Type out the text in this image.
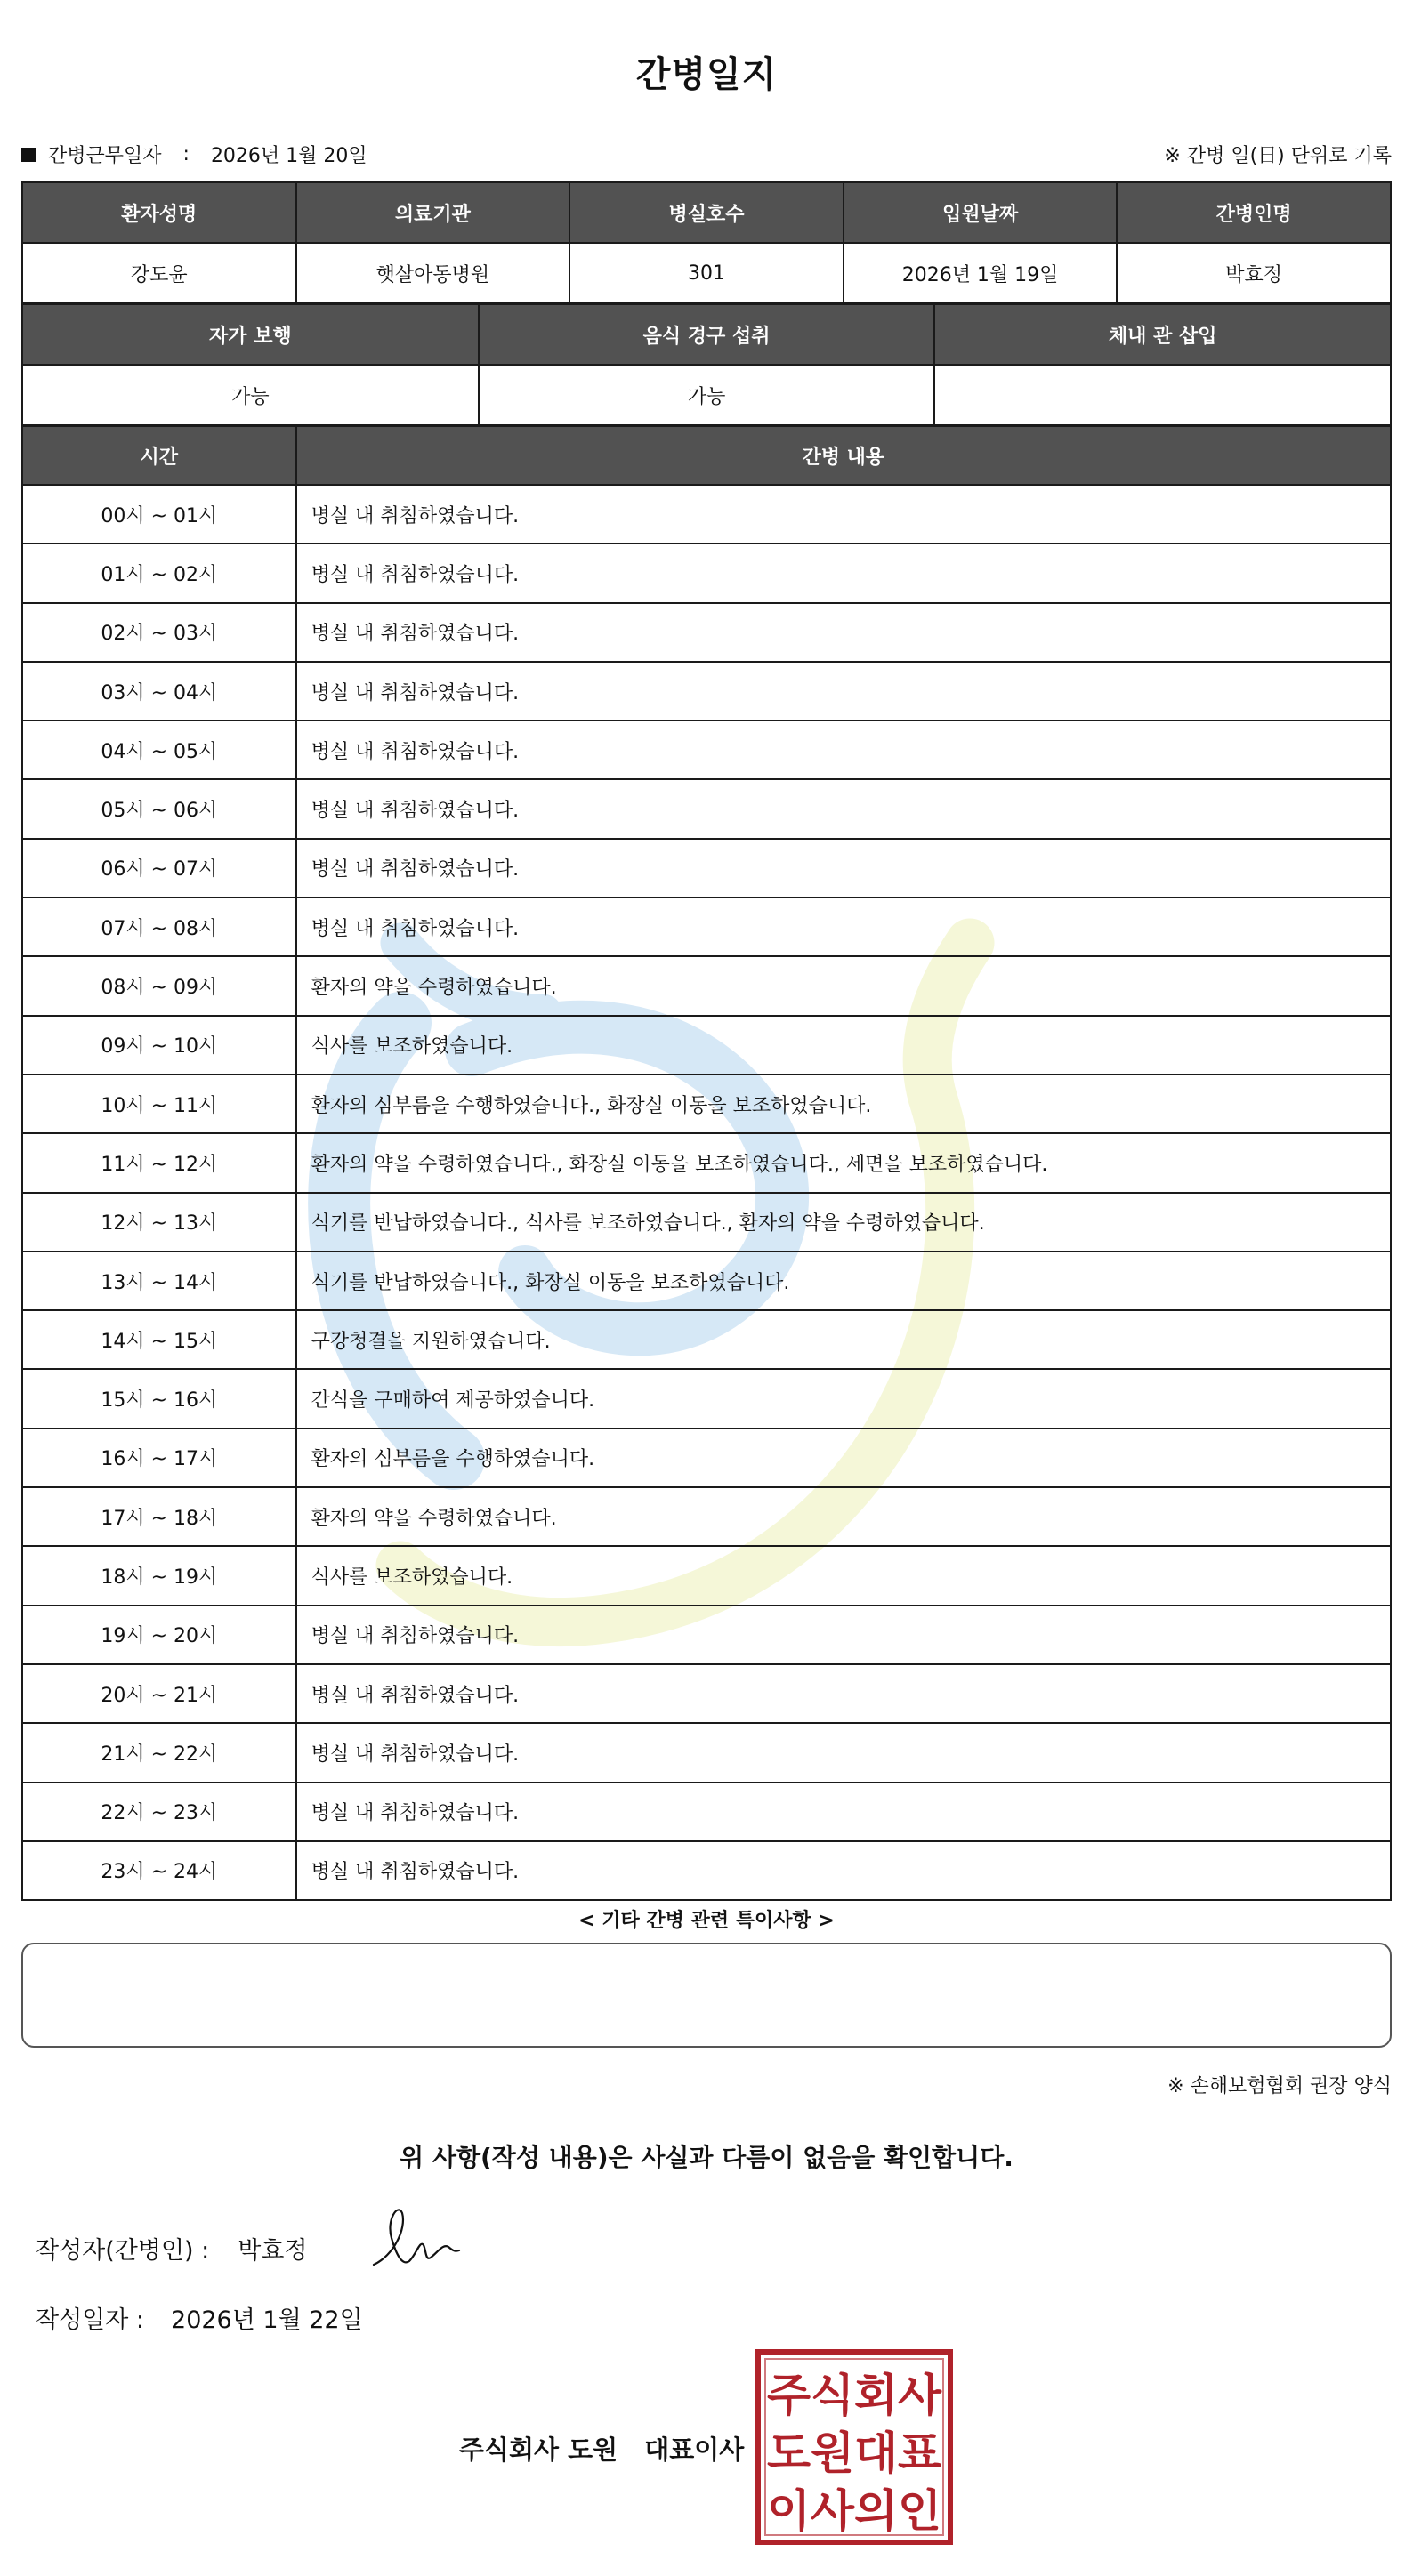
간병일지
간병근무일자 : 2026년 1월 20일	※ 간병 일(日) 단위로 기록
환자성명	의료기관	병실호수	입원날짜	간병인명
강도윤	햇살아동병원	301	2026년 1월 19일	박효정
자가 보행	음식 경구 섭취	체내 관 삽입
가능	가능	
시간	간병 내용
00시 ~ 01시	병실 내 취침하였습니다.
01시 ~ 02시	병실 내 취침하였습니다.
02시 ~ 03시	병실 내 취침하였습니다.
03시 ~ 04시	병실 내 취침하였습니다.
04시 ~ 05시	병실 내 취침하였습니다.
05시 ~ 06시	병실 내 취침하였습니다.
06시 ~ 07시	병실 내 취침하였습니다.
07시 ~ 08시	병실 내 취침하였습니다.
08시 ~ 09시	환자의 약을 수령하였습니다.
09시 ~ 10시	식사를 보조하였습니다.
10시 ~ 11시	환자의 심부름을 수행하였습니다., 화장실 이동을 보조하였습니다.
11시 ~ 12시	환자의 약을 수령하였습니다., 화장실 이동을 보조하였습니다., 세면을 보조하였습니다.
12시 ~ 13시	식기를 반납하였습니다., 식사를 보조하였습니다., 환자의 약을 수령하였습니다.
13시 ~ 14시	식기를 반납하였습니다., 화장실 이동을 보조하였습니다.
14시 ~ 15시	구강청결을 지원하였습니다.
15시 ~ 16시	간식을 구매하여 제공하였습니다.
16시 ~ 17시	환자의 심부름을 수행하였습니다.
17시 ~ 18시	환자의 약을 수령하였습니다.
18시 ~ 19시	식사를 보조하였습니다.
19시 ~ 20시	병실 내 취침하였습니다.
20시 ~ 21시	병실 내 취침하였습니다.
21시 ~ 22시	병실 내 취침하였습니다.
22시 ~ 23시	병실 내 취침하였습니다.
23시 ~ 24시	병실 내 취침하였습니다.
< 기타 간병 관련 특이사항 >
※ 손해보험협회 권장 양식
위 사항(작성 내용)은 사실과 다름이 없음을 확인합니다.
작성자(간병인) : 박효정
작성일자 : 2026년 1월 22일
주식회사 도원 대표이사
주식회사
도원대표
이사의인
